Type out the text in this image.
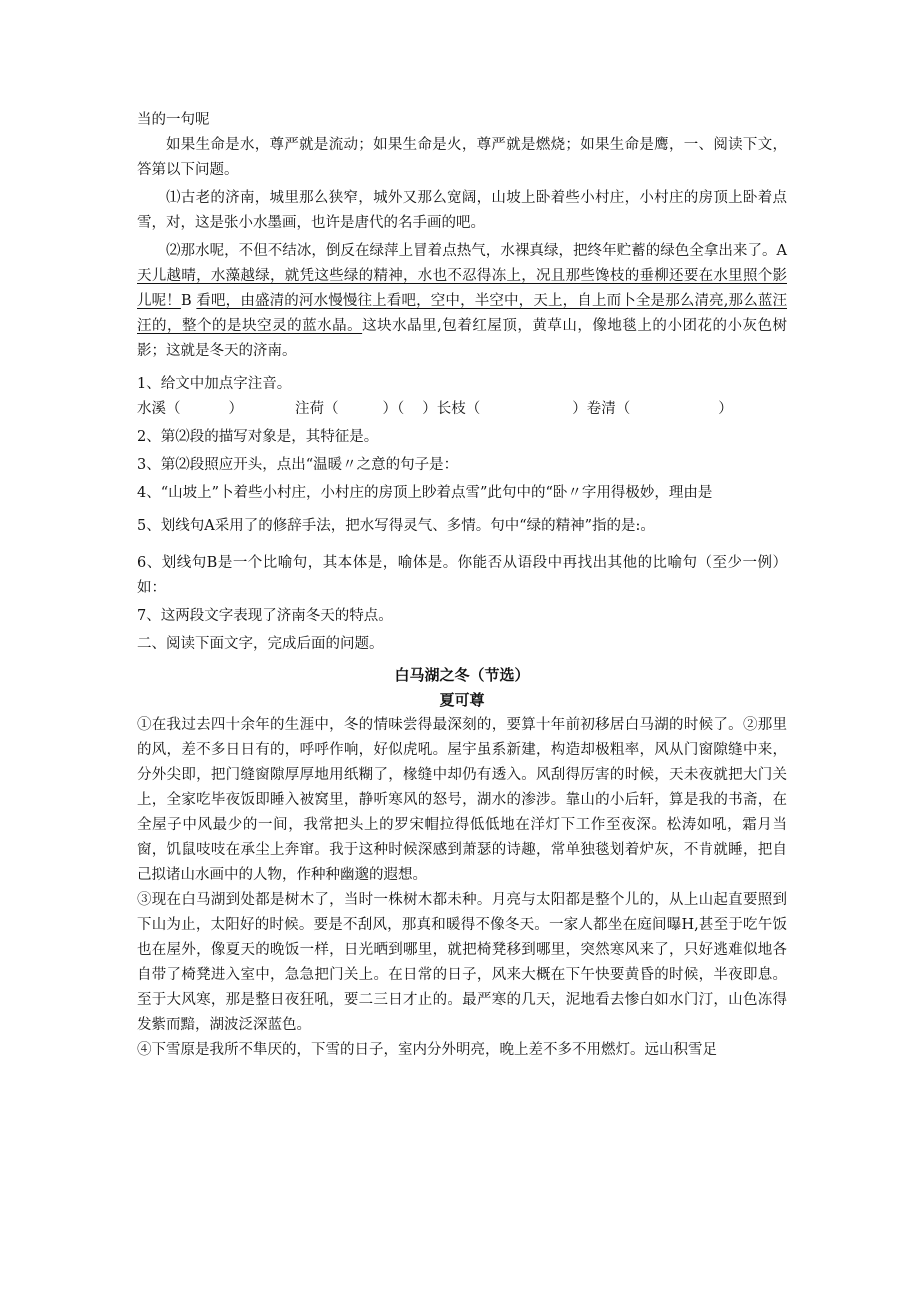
当的一句呢

如果生命是水，尊严就是流动；如果生命是火，尊严就是燃烧；如果生命是鹰，一、阅读下文，答第以下问题。

⑴古老的济南，城里那么狭窄，城外又那么宽阔，山坡上卧着些小村庄，小村庄的房顶上卧着点雪，对，这是张小水墨画，也许是唐代的名手画的吧。

⑵那水呢，不但不结冰，倒反在绿萍上冒着点热气，水裸真绿，把终年贮蓄的绿色全拿出来了。A 天儿越晴，水藻越绿，就凭这些绿的精神，水也不忍得冻上，况且那些馋枝的垂柳还要在水里照个影儿呢！B 看吧，由盛清的河水慢慢往上看吧，空中，半空中，天上，自上而卜全是那么清亮,那么蓝汪汪的，整个的是块空灵的蓝水晶。这块水晶里,包着红屋顶，黄草山，像地毯上的小团花的小灰色树影；这就是冬天的济南。

1、给文中加点字注音。

水溪（	）	注荷（	）（ ）长枝（	）卷清（	）

2、第⑵段的描写对象是，其特征是。

3、第⑵段照应开头，点出“温暖〃之意的句子是：

4、“山坡上”卜着些小村庄，小村庄的房顶上眇着点雪”此句中的“卧〃字用得极妙，理由是

5、划线句A采用了的修辞手法，把水写得灵气、多情。句中“绿的精神”指的是:。

6、划线句B是一个比喻句，其本体是，喻体是。你能否从语段中再找出其他的比喻句（至少一例）如：

7、这两段文字表现了济南冬天的特点。

二、阅读下面文字，完成后面的问题。

白马湖之冬（节选）

夏可尊

①在我过去四十余年的生涯中，冬的情味尝得最深刻的，要算十年前初移居白马湖的时候了。②那里的风，差不多日日有的，呼呼作响，好似虎吼。屋宇虽系新建，构造却极粗率，风从门窗隙缝中来，分外尖即，把门缝窗隙厚厚地用纸糊了，椽缝中却仍有透入。风刮得厉害的时候，天未夜就把大门关上，全家吃毕夜饭即睡入被窝里，静听寒风的怒号，湖水的渗涉。靠山的小后轩，算是我的书斋，在全屋子中风最少的一间，我常把头上的罗宋帽拉得低低地在洋灯下工作至夜深。松涛如吼，霜月当窗，饥鼠吱吱在承尘上奔窜。我于这种时候深感到萧瑟的诗趣，常单独毯划着炉灰，不肯就睡，把自己拟诸山水画中的人物，作种种幽邈的遐想。

③现在白马湖到处都是树木了，当时一株树木都未种。月亮与太阳都是整个儿的，从上山起直要照到下山为止，太阳好的时候。要是不刮风，那真和暖得不像冬天。一家人都坐在庭间曝H,甚至于吃午饭也在屋外，像夏天的晚饭一样，日光晒到哪里，就把椅凳移到哪里，突然寒风来了，只好逃难似地各自带了椅凳进入室中，急急把门关上。在日常的日子，风来大概在下午快要黄昏的时候，半夜即息。至于大风寒，那是整日夜狂吼，要二三日才止的。最严寒的几天，泥地看去惨白如水门汀，山色冻得发紫而黯，湖波泛深蓝色。

④下雪原是我所不隼厌的，下雪的日子，室内分外明亮，晚上差不多不用燃灯。远山积雪足
